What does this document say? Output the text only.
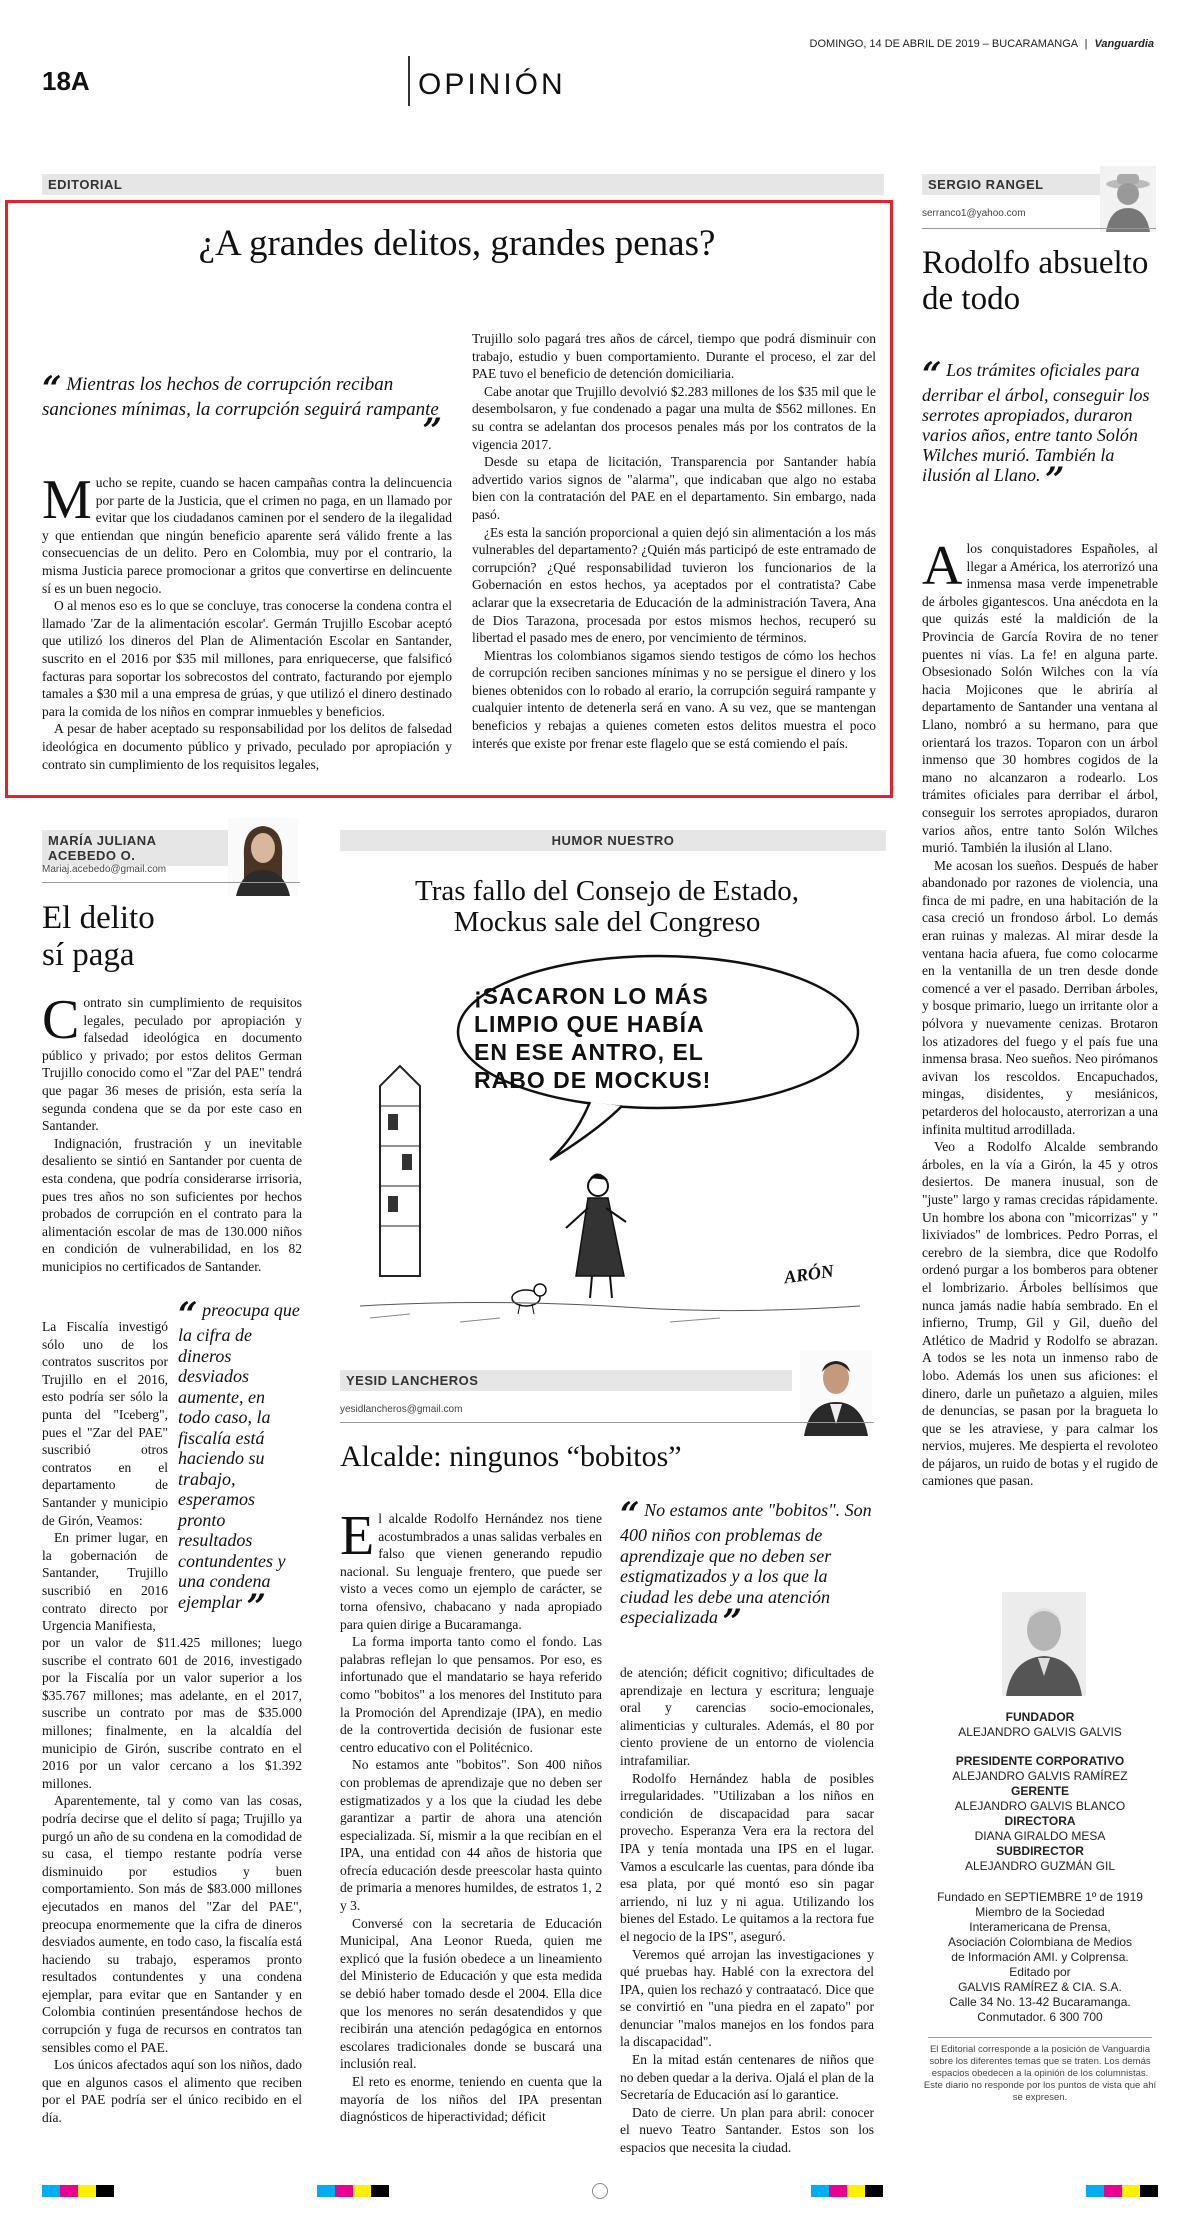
18A	OPINIÓN
DOMINGO, 14 DE ABRIL DE 2019 – BUCARAMANGA | Vanguardia
EDITORIAL
¿A grandes delitos, grandes penas?
“ Mientras los hechos de corrupción reciban sanciones mínimas, la corrupción seguirá rampante
”

Mucho se repite, cuando se hacen campañas contra la delincuencia por parte de la Justicia, que el crimen no paga, en un llamado por evitar que los ciudadanos caminen por el sendero de la ilegalidad y que entiendan que ningún beneficio aparente será válido frente a las consecuencias de un delito. Pero en Colombia, muy por el contrario, la misma Justicia parece promocionar a gritos que convertirse en delincuente sí es un buen negocio.

O al menos eso es lo que se concluye, tras conocerse la condena contra el llamado 'Zar de la alimentación escolar'. Germán Trujillo Escobar aceptó que utilizó los dineros del Plan de Alimentación Escolar en Santander, suscrito en el 2016 por $35 mil millones, para enriquecerse, que falsificó facturas para soportar los sobrecostos del contrato, facturando por ejemplo tamales a $30 mil a una empresa de grúas, y que utilizó el dinero destinado para la comida de los niños en comprar inmuebles y beneficios.

A pesar de haber aceptado su responsabilidad por los delitos de falsedad ideológica en documento público y privado, peculado por apropiación y contrato sin cumplimiento de los requisitos legales,

Trujillo solo pagará tres años de cárcel, tiempo que podrá disminuir con trabajo, estudio y buen comportamiento. Durante el proceso, el zar del PAE tuvo el beneficio de detención domiciliaria.

Cabe anotar que Trujillo devolvió $2.283 millones de los $35 mil que le desembolsaron, y fue condenado a pagar una multa de $562 millones. En su contra se adelantan dos procesos penales más por los contratos de la vigencia 2017.

Desde su etapa de licitación, Transparencia por Santander había advertido varios signos de "alarma", que indicaban que algo no estaba bien con la contratación del PAE en el departamento. Sin embargo, nada pasó.

¿Es esta la sanción proporcional a quien dejó sin alimentación a los más vulnerables del departamento? ¿Quién más participó de este entramado de corrupción? ¿Qué responsabilidad tuvieron los funcionarios de la Gobernación en estos hechos, ya aceptados por el contratista? Cabe aclarar que la exsecretaria de Educación de la administración Tavera, Ana de Dios Tarazona, procesada por estos mismos hechos, recuperó su libertad el pasado mes de enero, por vencimiento de términos.

Mientras los colombianos sigamos siendo testigos de cómo los hechos de corrupción reciben sanciones mínimas y no se persigue el dinero y los bienes obtenidos con lo robado al erario, la corrupción seguirá rampante y cualquier intento de detenerla será en vano. A su vez, que se mantengan beneficios y rebajas a quienes cometen estos delitos muestra el poco interés que existe por frenar este flagelo que se está comiendo el país.

SERGIO RANGEL
serranco1@yahoo.com
Rodolfo absuelto de todo
“ Los trámites oficiales para derribar el árbol, conseguir los serrotes apropiados, duraron varios años, entre tanto Solón Wilches murió. También la ilusión al Llano. ”

Alos conquistadores Españoles, al llegar a América, los aterrorizó una inmensa masa verde impenetrable de árboles gigantescos. Una anécdota en la que quizás esté la maldición de la Provincia de García Rovira de no tener puentes ni vías. La fe! en alguna parte. Obsesionado Solón Wilches con la vía hacia Mojicones que le abriría al departamento de Santander una ventana al Llano, nombró a su hermano, para que orientará los trazos. Toparon con un árbol inmenso que 30 hombres cogidos de la mano no alcanzaron a rodearlo. Los trámites oficiales para derribar el árbol, conseguir los serrotes apropiados, duraron varios años, entre tanto Solón Wilches murió. También la ilusión al Llano.

Me acosan los sueños. Después de haber abandonado por razones de violencia, una finca de mi padre, en una habitación de la casa creció un frondoso árbol. Lo demás eran ruinas y malezas. Al mirar desde la ventana hacia afuera, fue como colocarme en la ventanilla de un tren desde donde comencé a ver el pasado. Derriban árboles, y bosque primario, luego un irritante olor a pólvora y nuevamente cenizas. Brotaron los atizadores del fuego y el país fue una inmensa brasa. Neo sueños. Neo pirómanos avivan los rescoldos. Encapuchados, mingas, disidentes, y mesiánicos, petarderos del holocausto, aterrorizan a una infinita multitud arrodillada.

Veo a Rodolfo Alcalde sembrando árboles, en la vía a Girón, la 45 y otros desiertos. De manera inusual, son de "juste" largo y ramas crecidas rápidamente. Un hombre los abona con "micorrizas" y " lixiviados" de lombrices. Pedro Porras, el cerebro de la siembra, dice que Rodolfo ordenó purgar a los bomberos para obtener el lombrizario. Árboles bellísimos que nunca jamás nadie había sembrado. En el infierno, Trump, Gil y Gil, dueño del Atlético de Madrid y Rodolfo se abrazan. A todos se les nota un inmenso rabo de lobo. Además los unen sus aficiones: el dinero, darle un puñetazo a alguien, miles de denuncias, se pasan por la bragueta lo que se les atraviese, y para calmar los nervios, mujeres. Me despierta el revoloteo de pájaros, un ruido de botas y el rugido de camiones que pasan.

FUNDADOR
ALEJANDRO GALVIS GALVIS
PRESIDENTE CORPORATIVO
ALEJANDRO GALVIS RAMÍREZ
GERENTE
ALEJANDRO GALVIS BLANCO
DIRECTORA
DIANA GIRALDO MESA
SUBDIRECTOR
ALEJANDRO GUZMÁN GIL
Fundado en SEPTIEMBRE 1º de 1919
Miembro de la Sociedad
Interamericana de Prensa,
Asociación Colombiana de Medios
de Información AMI. y Colprensa.
Editado por
GALVIS RAMÍREZ & CIA. S.A.
Calle 34 No. 13-42 Bucaramanga.
Conmutador. 6 300 700
El Editorial corresponde a la posición de Vanguardia sobre los diferentes temas que se traten. Los demás espacios obedecen a la opinión de los columnistas. Este diario no responde por los puntos de vista que ahí se expresen.
MARÍA JULIANA ACEBEDO O.
Mariaj.acebedo@gmail.com
El delito
sí paga

Contrato sin cumplimiento de requisitos legales, peculado por apropiación y falsedad ideológica en documento público y privado; por estos delitos German Trujillo conocido como el "Zar del PAE" tendrá que pagar 36 meses de prisión, esta sería la segunda condena que se da por este caso en Santander.

Indignación, frustración y un inevitable desaliento se sintió en Santander por cuenta de esta condena, que podría considerarse irrisoria, pues tres años no son suficientes por hechos probados de corrupción en el contrato para la alimentación escolar de mas de 130.000 niños en condición de vulnerabilidad, en los 82 municipios no certificados de Santander.

La Fiscalía investigó sólo uno de los contratos suscritos por Trujillo en el 2016, esto podría ser sólo la punta del "Iceberg", pues el "Zar del PAE" suscribió otros contratos en el departamento de Santander y municipio de Girón, Veamos:

En primer lugar, en la gobernación de Santander, Trujillo suscribió en 2016 contrato directo por Urgencia Manifiesta,

“ preocupa que la cifra de dineros desviados aumente, en todo caso, la fiscalía está haciendo su trabajo, esperamos pronto resultados contundentes y una condena ejemplar ”

por un valor de $11.425 millones; luego suscribe el contrato 601 de 2016, investigado por la Fiscalía por un valor superior a los $35.767 millones; mas adelante, en el 2017, suscribe un contrato por mas de $35.000 millones; finalmente, en la alcaldía del municipio de Girón, suscribe contrato en el 2016 por un valor cercano a los $1.392 millones.

Aparentemente, tal y como van las cosas, podría decirse que el delito sí paga; Trujillo ya purgó un año de su condena en la comodidad de su casa, el tiempo restante podría verse disminuido por estudios y buen comportamiento. Son más de $83.000 millones ejecutados en manos del "Zar del PAE", preocupa enormemente que la cifra de dineros desviados aumente, en todo caso, la fiscalía está haciendo su trabajo, esperamos pronto resultados contundentes y una condena ejemplar, para evitar que en Santander y en Colombia continúen presentándose hechos de corrupción y fuga de recursos en contratos tan sensibles como el PAE.

Los únicos afectados aquí son los niños, dado que en algunos casos el alimento que reciben por el PAE podría ser el único recibido en el día.

HUMOR NUESTRO
Tras fallo del Consejo de Estado,
Mockus sale del Congreso
¡SACARON LO MÁS
LIMPIO QUE HABÍA
EN ESE ANTRO, EL
RABO DE MOCKUS!
ARÓN
YESID LANCHEROS
yesidlancheros@gmail.com
Alcalde: ningunos “bobitos”

El alcalde Rodolfo Hernández nos tiene acostumbrados a unas salidas verbales en falso que vienen generando repudio nacional. Su lenguaje frentero, que puede ser visto a veces como un ejemplo de carácter, se torna ofensivo, chabacano y nada apropiado para quien dirige a Bucaramanga.

La forma importa tanto como el fondo. Las palabras reflejan lo que pensamos. Por eso, es infortunado que el mandatario se haya referido como "bobitos" a los menores del Instituto para la Promoción del Aprendizaje (IPA), en medio de la controvertida decisión de fusionar este centro educativo con el Politécnico.

No estamos ante "bobitos". Son 400 niños con problemas de aprendizaje que no deben ser estigmatizados y a los que la ciudad les debe garantizar a partir de ahora una atención especializada. Sí, mismir a la que recibían en el IPA, una entidad con 44 años de historia que ofrecía educación desde preescolar hasta quinto de primaria a menores humildes, de estratos 1, 2 y 3.

Conversé con la secretaria de Educación Municipal, Ana Leonor Rueda, quien me explicó que la fusión obedece a un lineamiento del Ministerio de Educación y que esta medida se debió haber tomado desde el 2004. Ella dice que los menores no serán desatendidos y que recibirán una atención pedagógica en entornos escolares tradicionales donde se buscará una inclusión real.

El reto es enorme, teniendo en cuenta que la mayoría de los niños del IPA presentan diagnósticos de hiperactividad; déficit

“ No estamos ante "bobitos". Son 400 niños con problemas de aprendizaje que no deben ser estigmatizados y a los que la ciudad les debe una atención especializada ”

de atención; déficit cognitivo; dificultades de aprendizaje en lectura y escritura; lenguaje oral y carencias socio-emocionales, alimenticias y culturales. Además, el 80 por ciento proviene de un entorno de violencia intrafamiliar.

Rodolfo Hernández habla de posibles irregularidades. "Utilizaban a los niños en condición de discapacidad para sacar provecho. Esperanza Vera era la rectora del IPA y tenía montada una IPS en el lugar. Vamos a esculcarle las cuentas, para dónde iba esa plata, por qué montó eso sin pagar arriendo, ni luz y ni agua. Utilizando los bienes del Estado. Le quitamos a la rectora fue el negocio de la IPS", aseguró.

Veremos qué arrojan las investigaciones y qué pruebas hay. Hablé con la exrectora del IPA, quien los rechazó y contraatacó. Dice que se convirtió en "una piedra en el zapato" por denunciar "malos manejos en los fondos para la discapacidad".

En la mitad están centenares de niños que no deben quedar a la deriva. Ojalá el plan de la Secretaría de Educación así lo garantice.

Dato de cierre. Un plan para abril: conocer el nuevo Teatro Santander. Estos son los espacios que necesita la ciudad.
